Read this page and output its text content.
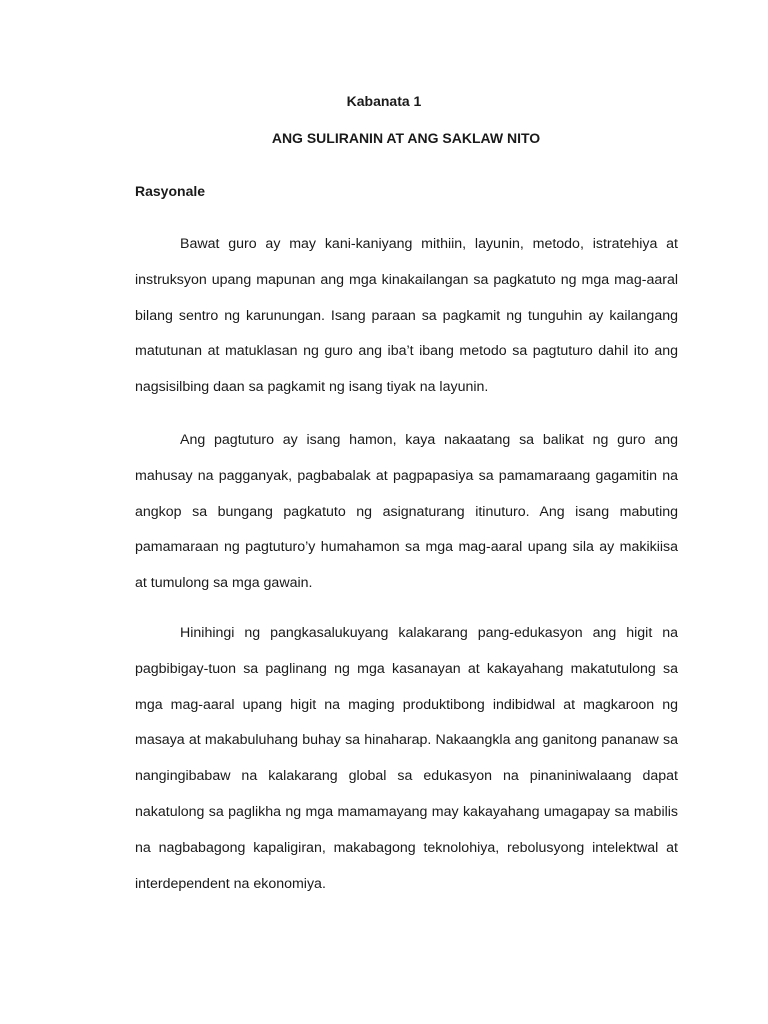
Kabanata 1
ANG SULIRANIN AT ANG SAKLAW NITO
Rasyonale

Bawat guro ay may kani-kaniyang mithiin, layunin, metodo, istratehiya at instruksyon upang mapunan ang mga kinakailangan sa pagkatuto ng mga mag-aaral bilang sentro ng karunungan. Isang paraan sa pagkamit ng tunguhin ay kailangang matutunan at matuklasan ng guro ang iba’t ibang metodo sa pagtuturo dahil ito ang nagsisilbing daan sa pagkamit ng isang tiyak na layunin.

Ang pagtuturo ay isang hamon, kaya nakaatang sa balikat ng guro ang mahusay na pagganyak, pagbabalak at pagpapasiya sa pamamaraang gagamitin na angkop sa bungang pagkatuto ng asignaturang itinuturo. Ang isang mabuting pamamaraan ng pagtuturo’y humahamon sa mga mag-aaral upang sila ay makikiisa at tumulong sa mga gawain.

Hinihingi ng pangkasalukuyang kalakarang pang-edukasyon ang higit na pagbibigay-tuon sa paglinang ng mga kasanayan at kakayahang makatutulong sa mga mag-aaral upang higit na maging produktibong indibidwal at magkaroon ng masaya at makabuluhang buhay sa hinaharap. Nakaangkla ang ganitong pananaw sa nangingibabaw na kalakarang global sa edukasyon na pinaniniwalaang dapat nakatulong sa paglikha ng mga mamamayang may kakayahang umagapay sa mabilis na nagbabagong kapaligiran, makabagong teknolohiya, rebolusyong intelektwal at interdependent na ekonomiya.
